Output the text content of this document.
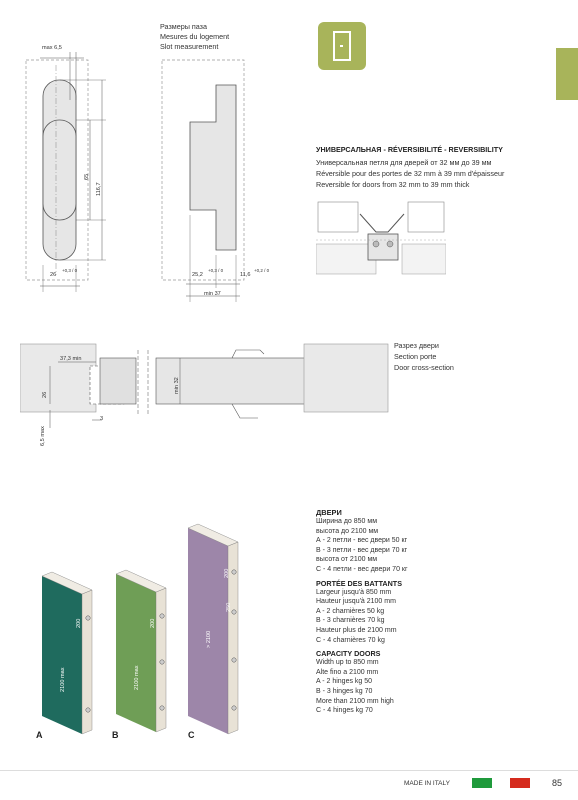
Размеры паза
Mesures du logement
Slot measurement
max 6,5
65
116,7
26
+0,3 / 0
25,2
+0,3 / 0
11,6
+0,2 / 0
min 37
УНИВЕРСАЛЬНАЯ - RÉVERSIBILITÉ - REVERSIBILITY
Универсальная петля для дверей от 32 мм до 39 мм
Réversible pour des portes de 32 mm à 39 mm d'épaisseur
Reversible for doors from 32 mm to 39 mm thick
Разрез двери
Section porte
Door cross-section
37,3 min
26
6,5 max
3
min 32
ДВЕРИ
Ширина до 850 мм
высота до 2100 мм
А - 2 петли - вес двери 50 кг
В - 3 петли - вес двери 70 кг
высота от 2100 мм
С - 4 петли - вес двери 70 кг
PORTÉE DES BATTANTS
Largeur jusqu'à 850 mm
Hauteur jusqu'à 2100 mm
A - 2 charnières 50 kg
B - 3 charnières 70 kg
Hauteur plus de 2100 mm
C - 4 charnières 70 kg
CAPACITY DOORS
Width up to 850 mm
Alte fino a 2100 mm
A - 2 hinges kg 50
B - 3 hinges kg 70
More than 2100 mm high
C - 4 hinges kg 70
A	B	C
2100 max	2100 max
> 2100
250
200	200
200
MADE IN ITALY	85
